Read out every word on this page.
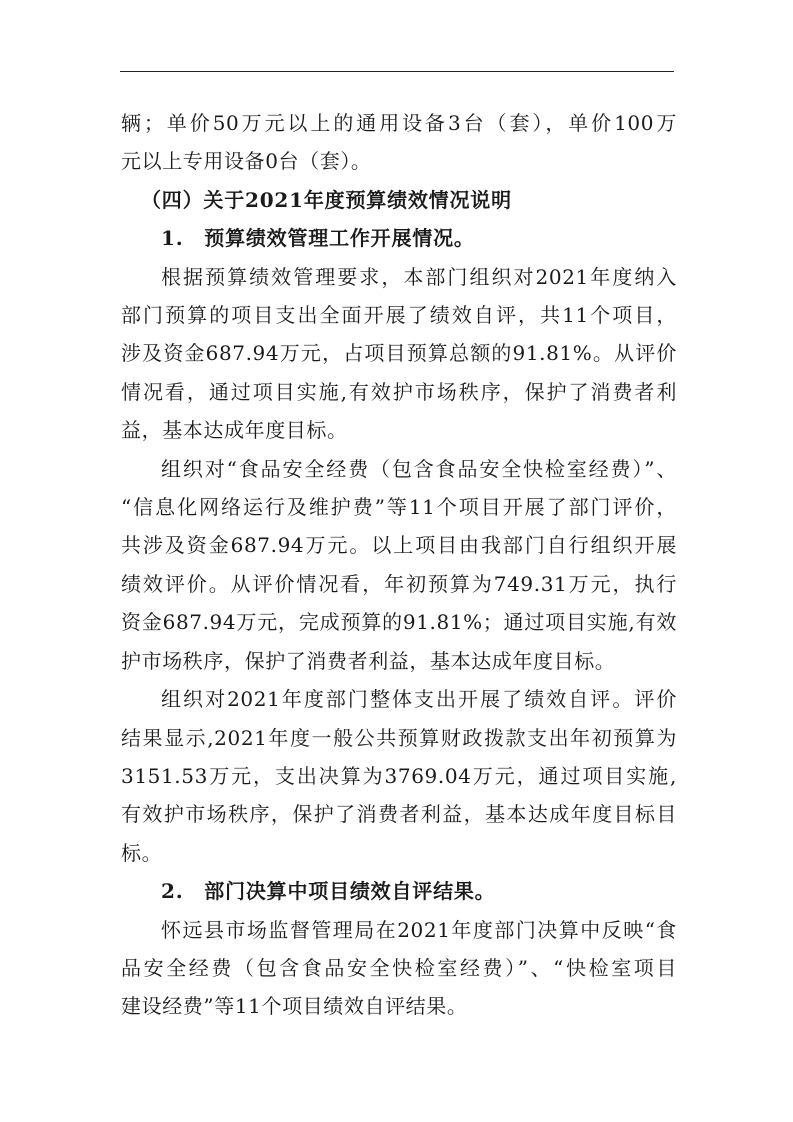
辆；单价50万元以上的通用设备3台（套），单价100万
元以上专用设备0台（套）。

（四）关于2021年度预算绩效情况说明

1.　预算绩效管理工作开展情况。

根据预算绩效管理要求，本部门组织对2021年度纳入
部门预算的项目支出全面开展了绩效自评，共11个项目，
涉及资金687.94万元，占项目预算总额的91.81%。从评价
情况看，通过项目实施,有效护市场秩序，保护了消费者利
益，基本达成年度目标。

组织对“食品安全经费（包含食品安全快检室经费）”、
“信息化网络运行及维护费”等11个项目开展了部门评价，
共涉及资金687.94万元。以上项目由我部门自行组织开展
绩效评价。从评价情况看，年初预算为749.31万元，执行
资金687.94万元，完成预算的91.81%；通过项目实施,有效
护市场秩序，保护了消费者利益，基本达成年度目标。

组织对2021年度部门整体支出开展了绩效自评。评价
结果显示,2021年度一般公共预算财政拨款支出年初预算为
3151.53万元，支出决算为3769.04万元，通过项目实施,
有效护市场秩序，保护了消费者利益，基本达成年度目标目
标。

2.　部门决算中项目绩效自评结果。

怀远县市场监督管理局在2021年度部门决算中反映“食
品安全经费（包含食品安全快检室经费）”、“快检室项目
建设经费”等11个项目绩效自评结果。
